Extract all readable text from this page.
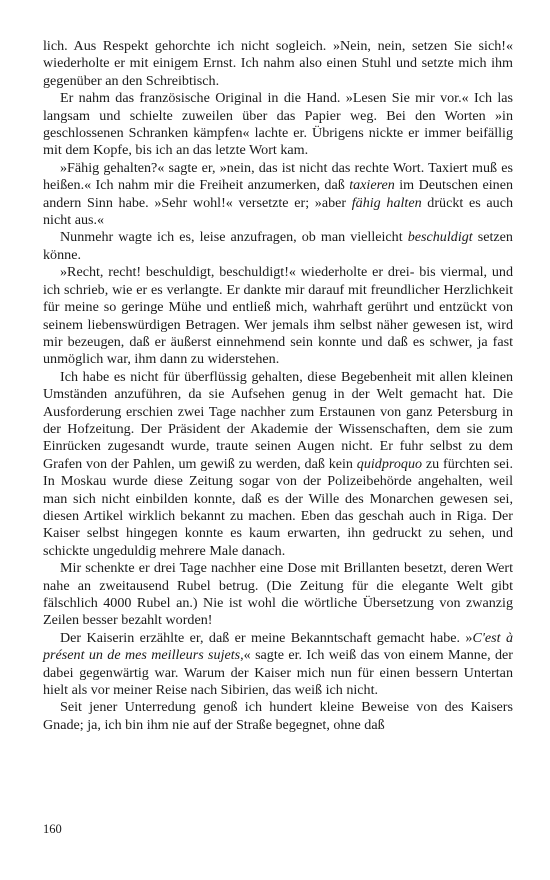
lich. Aus Respekt gehorchte ich nicht sogleich. »Nein, nein, setzen Sie sich!« wiederholte er mit einigem Ernst. Ich nahm also einen Stuhl und setzte mich ihm gegenüber an den Schreibtisch.

Er nahm das französische Original in die Hand. »Lesen Sie mir vor.« Ich las langsam und schielte zuweilen über das Papier weg. Bei den Worten »in geschlossenen Schranken kämpfen« lachte er. Übrigens nickte er immer beifällig mit dem Kopfe, bis ich an das letzte Wort kam.

»Fähig gehalten?« sagte er, »nein, das ist nicht das rechte Wort. Taxiert muß es heißen.« Ich nahm mir die Freiheit anzumerken, daß taxieren im Deutschen einen andern Sinn habe. »Sehr wohl!« versetzte er; »aber fähig halten drückt es auch nicht aus.«

Nunmehr wagte ich es, leise anzufragen, ob man vielleicht beschuldigt setzen könne.

»Recht, recht! beschuldigt, beschuldigt!« wiederholte er drei- bis viermal, und ich schrieb, wie er es verlangte. Er dankte mir darauf mit freundlicher Herzlichkeit für meine so geringe Mühe und entließ mich, wahrhaft gerührt und entzückt von seinem liebenswürdigen Betragen. Wer jemals ihm selbst näher gewesen ist, wird mir bezeugen, daß er äußerst einnehmend sein konnte und daß es schwer, ja fast unmöglich war, ihm dann zu widerstehen.

Ich habe es nicht für überflüssig gehalten, diese Begebenheit mit allen kleinen Umständen anzuführen, da sie Aufsehen genug in der Welt gemacht hat. Die Ausforderung erschien zwei Tage nachher zum Erstaunen von ganz Petersburg in der Hofzeitung. Der Präsident der Akademie der Wissenschaften, dem sie zum Einrücken zugesandt wurde, traute seinen Augen nicht. Er fuhr selbst zu dem Grafen von der Pahlen, um gewiß zu werden, daß kein quidproquo zu fürchten sei. In Moskau wurde diese Zeitung sogar von der Polizeibehörde angehalten, weil man sich nicht einbilden konnte, daß es der Wille des Monarchen gewesen sei, diesen Artikel wirklich bekannt zu machen. Eben das geschah auch in Riga. Der Kaiser selbst hingegen konnte es kaum erwarten, ihn gedruckt zu sehen, und schickte ungeduldig mehrere Male danach.

Mir schenkte er drei Tage nachher eine Dose mit Brillanten besetzt, deren Wert nahe an zweitausend Rubel betrug. (Die Zeitung für die elegante Welt gibt fälschlich 4000 Rubel an.) Nie ist wohl die wörtliche Übersetzung von zwanzig Zeilen besser bezahlt worden!

Der Kaiserin erzählte er, daß er meine Bekanntschaft gemacht habe. »C'est à présent un de mes meilleurs sujets,« sagte er. Ich weiß das von einem Manne, der dabei gegenwärtig war. Warum der Kaiser mich nun für einen bessern Untertan hielt als vor meiner Reise nach Sibirien, das weiß ich nicht.

Seit jener Unterredung genoß ich hundert kleine Beweise von des Kaisers Gnade; ja, ich bin ihm nie auf der Straße begegnet, ohne daß

160
